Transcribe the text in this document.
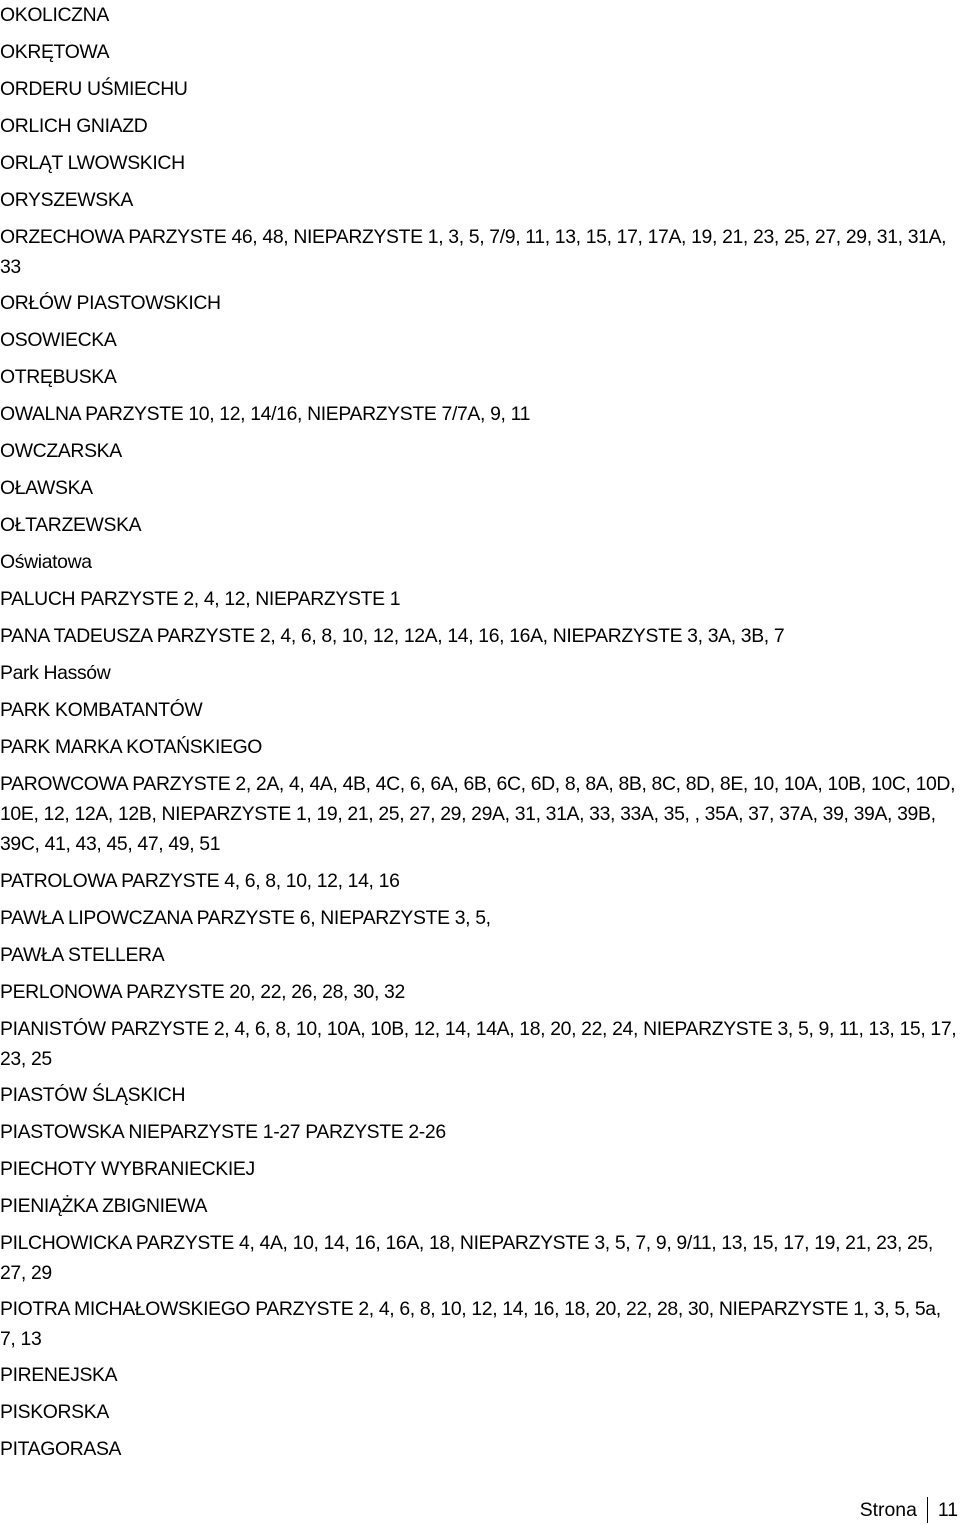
OKOLICZNA
OKRĘTOWA
ORDERU UŚMIECHU
ORLICH GNIAZD
ORLĄT LWOWSKICH
ORYSZEWSKA
ORZECHOWA PARZYSTE 46, 48, NIEPARZYSTE 1, 3, 5, 7/9, 11, 13, 15, 17, 17A, 19, 21, 23, 25, 27, 29, 31, 31A, 33
ORŁÓW PIASTOWSKICH
OSOWIECKA
OTRĘBUSKA
OWALNA PARZYSTE 10, 12, 14/16, NIEPARZYSTE 7/7A, 9, 11
OWCZARSKA
OŁAWSKA
OŁTARZEWSKA
Oświatowa
PALUCH PARZYSTE 2, 4, 12, NIEPARZYSTE 1
PANA TADEUSZA PARZYSTE 2, 4, 6, 8, 10, 12, 12A, 14, 16, 16A, NIEPARZYSTE 3, 3A, 3B, 7
Park Hassów
PARK KOMBATANTÓW
PARK MARKA KOTAŃSKIEGO
PAROWCOWA PARZYSTE 2, 2A, 4, 4A, 4B, 4C, 6, 6A, 6B, 6C, 6D, 8, 8A, 8B, 8C, 8D, 8E, 10, 10A, 10B, 10C, 10D, 10E, 12, 12A, 12B, NIEPARZYSTE 1, 19, 21, 25, 27, 29, 29A, 31, 31A, 33, 33A, 35, , 35A, 37, 37A, 39, 39A, 39B, 39C, 41, 43, 45, 47, 49, 51
PATROLOWA PARZYSTE 4, 6, 8, 10, 12, 14, 16
PAWŁA LIPOWCZANA PARZYSTE 6, NIEPARZYSTE 3, 5,
PAWŁA STELLERA
PERLONOWA PARZYSTE 20, 22, 26, 28, 30, 32
PIANISTÓW PARZYSTE 2, 4, 6, 8, 10, 10A, 10B, 12, 14, 14A, 18, 20, 22, 24, NIEPARZYSTE 3, 5, 9, 11, 13, 15, 17, 23, 25
PIASTÓW ŚLĄSKICH
PIASTOWSKA NIEPARZYSTE 1-27 PARZYSTE 2-26
PIECHOTY WYBRANIECKIEJ
PIENIĄŻKA ZBIGNIEWA
PILCHOWICKA PARZYSTE 4, 4A, 10, 14, 16, 16A, 18, NIEPARZYSTE 3, 5, 7, 9, 9/11, 13, 15, 17, 19, 21, 23, 25, 27, 29
PIOTRA MICHAŁOWSKIEGO PARZYSTE 2, 4, 6, 8, 10, 12, 14, 16, 18, 20, 22, 28, 30, NIEPARZYSTE 1, 3, 5, 5a, 7, 13
PIRENEJSKA
PISKORSKA
PITAGORASA
Strona	11
